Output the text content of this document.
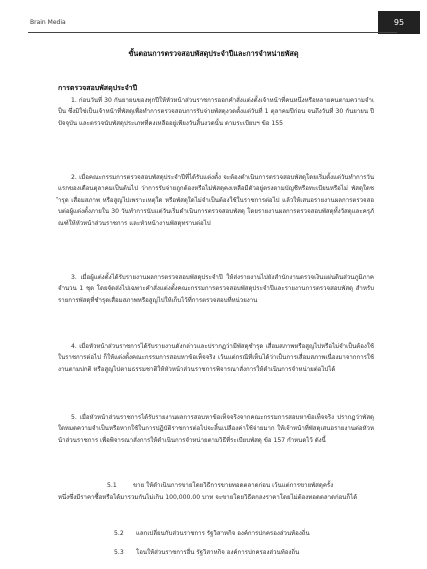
Brain Media	95
ขั้นตอนการตรวจสอบพัสดุประจำปีและการจำหน่ายพัสดุ
การตรวจสอบพัสดุประจำปี

1. ก่อนวันที่ 30 กันยายนของทุกปีให้หัวหน้าส่วนราชการออกคำสั่งแต่งตั้งเจ้าหน้าที่คนหนึ่งหรือหลายคนตามความจำเป็น ซึ่งมิใช่เป็นเจ้าหน้าที่พัสดุเพื่อทำการตรวจสอบการรับจ่ายพัสดุงวดตั้งแต่วันที่ 1 ตุลาคมปีก่อน จนถึงวันที่ 30 กันยายน ปีปัจจุบัน และตรวจนับพัสดุประเภทที่คงเหลืออยู่เพียงวันสิ้นงวดนั้น ตามระเบียบฯ ข้อ 155

2. เมื่อคณะกรรมการตรวจสอบพัสดุประจำปีที่ได้รับแต่งตั้ง จะต้องดำเนินการตรวจสอบพัสดุโดยเริ่มตั้งแต่วันทำการวันแรกของเดือนตุลาคมเป็นต้นไป ว่าการรับจ่ายถูกต้องหรือไม่พัสดุคงเหลือมีตัวอยู่ตรงตามบัญชีหรือทะเบียนหรือไม่ พัสดุใดชำรุด เสื่อมสภาพ หรือสูญไปเพราะเหตุใด หรือพัสดุใดไม่จำเป็นต้องใช้ในราชการต่อไป แล้วให้เสนอรายงานผลการตรวจสอบต่อผู้แต่งตั้งภายใน 30 วันทำการนับแต่วันเริ่มดำเนินการตรวจสอบพัสดุ โดยรายงานผลการตรวจสอบพัสดุทั้งวัสดุและครุภัณฑ์ให้หัวหน้าส่วนราชการ และหัวหน้างานพัสดุทราบต่อไป

3. เมื่อผู้แต่งตั้งได้รับรายงานผลการตรวจสอบพัสดุประจำปี ให้ส่งรายงานไปยังสำนักงานตรวจเงินแผ่นดินส่วนภูมิภาคจำนวน 1 ชุด โดยจัดส่งไปเฉพาะคำสั่งแต่งตั้งคณะกรรมการตรวจสอบพัสดุประจำปีและรายงานการตรวจสอบพัสดุ สำหรับรายการพัสดุที่ชำรุดเสื่อมสภาพหรือสูญไปให้เก็บไว้ที่การตรวจสอบที่หน่วยงาน

4. เมื่อหัวหน้าส่วนราชการได้รับรายงานดังกล่าวและปรากฏว่ามีพัสดุชำรุด เสื่อมสภาพหรือสูญไปหรือไม่จำเป็นต้องใช้ในราชการต่อไป ก็ให้แต่งตั้งคณะกรรมการสอบหาข้อเท็จจริง เว้นแต่กรณีที่เห็นได้ว่าเป็นการเสื่อมสภาพเนื่องมาจากการใช้งานตามปกติ หรือสูญไปตามธรรมชาติให้หัวหน้าส่วนราชการพิจารณาสั่งการให้ดำเนินการจำหน่ายต่อไปได้

5. เมื่อหัวหน้าส่วนราชการได้รับรายงานผลการสอบหาข้อเท็จจริงจากคณะกรรมการสอบหาข้อเท็จจริง ปรากฏว่าพัสดุใดหมดความจำเป็นหรือหากใช้ในการปฏิบัติราชการต่อไปจะสิ้นเปลืองค่าใช้จ่ายมาก ให้เจ้าหน้าที่พัสดุเสนอรายงานต่อหัวหน้าส่วนราชการ เพื่อพิจารณาสั่งการให้ดำเนินการจำหน่ายตามวิธีที่ระเบียบพัสดุ ข้อ 157 กำหนดไว้ ดังนี้

5.1	ขาย ให้ดำเนินการขายโดยวิธีการขายทอดตลาดก่อน เว้นแต่การขายพัสดุครั้ง
หนึ่งซึ่งมีราคาซื้อหรือได้มารวมกันไม่เกิน 100,000.00 บาท จะขายโดยวิธีตกลงราคาโดยไม่ต้องทอดตลาดก่อนก็ได้
5.2 แลกเปลี่ยนกับส่วนราชการ รัฐวิสาหกิจ องค์การปกครองส่วนท้องถิ่น
5.3 โอนให้ส่วนราชการอื่น รัฐวิสาหกิจ องค์การปกครองส่วนท้องถิ่น
